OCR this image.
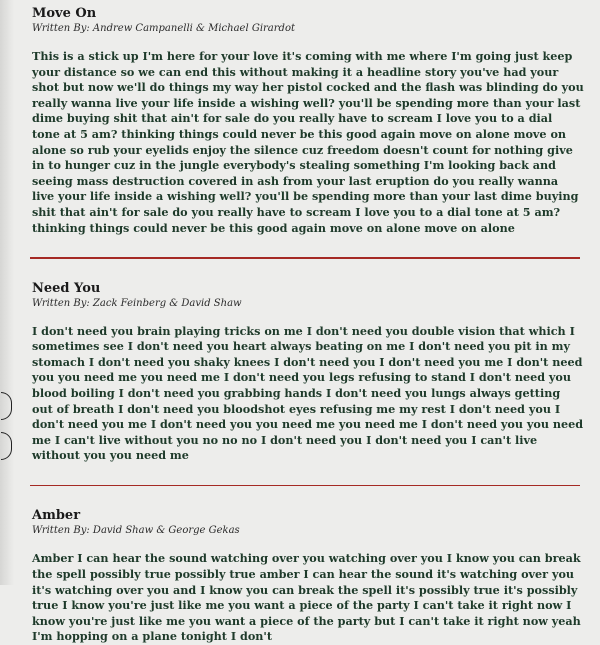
Move On

Written By: Andrew Campanelli & Michael Girardot

This is a stick up I'm here for your love it's coming with me where I'm going just keep your distance so we can end this without making it a headline story you've had your shot but now we'll do things my way her pistol cocked and the flash was blinding do you really wanna live your life inside a wishing well? you'll be spending more than your last dime buying shit that ain't for sale do you really have to scream I love you to a dial tone at 5 am? thinking things could never be this good again move on alone move on alone so rub your eyelids enjoy the silence cuz freedom doesn't count for nothing give in to hunger cuz in the jungle everybody's stealing something I'm looking back and seeing mass destruction covered in ash from your last eruption do you really wanna live your life inside a wishing well? you'll be spending more than your last dime buying shit that ain't for sale do you really have to scream I love you to a dial tone at 5 am? thinking things could never be this good again move on alone move on alone

Need You

Written By: Zack Feinberg & David Shaw

I don't need you brain playing tricks on me I don't need you double vision that which I sometimes see I don't need you heart always beating on me I don't need you pit in my stomach I don't need you shaky knees I don't need you I don't need you me I don't need you you need me you need me I don't need you legs refusing to stand I don't need you blood boiling I don't need you grabbing hands I don't need you lungs always getting out of breath I don't need you bloodshot eyes refusing me my rest I don't need you I don't need you me I don't need you you need me you need me I don't need you you need me I can't live without you no no no I don't need you I don't need you I can't live without you you need me

Amber

Written By: David Shaw & George Gekas

Amber I can hear the sound watching over you watching over you I know you can break the spell possibly true possibly true amber I can hear the sound it's watching over you it's watching over you and I know you can break the spell it's possibly true it's possibly true I know you're just like me you want a piece of the party I can't take it right now I know you're just like me you want a piece of the party but I can't take it right now yeah I'm hopping on a plane tonight I don't
